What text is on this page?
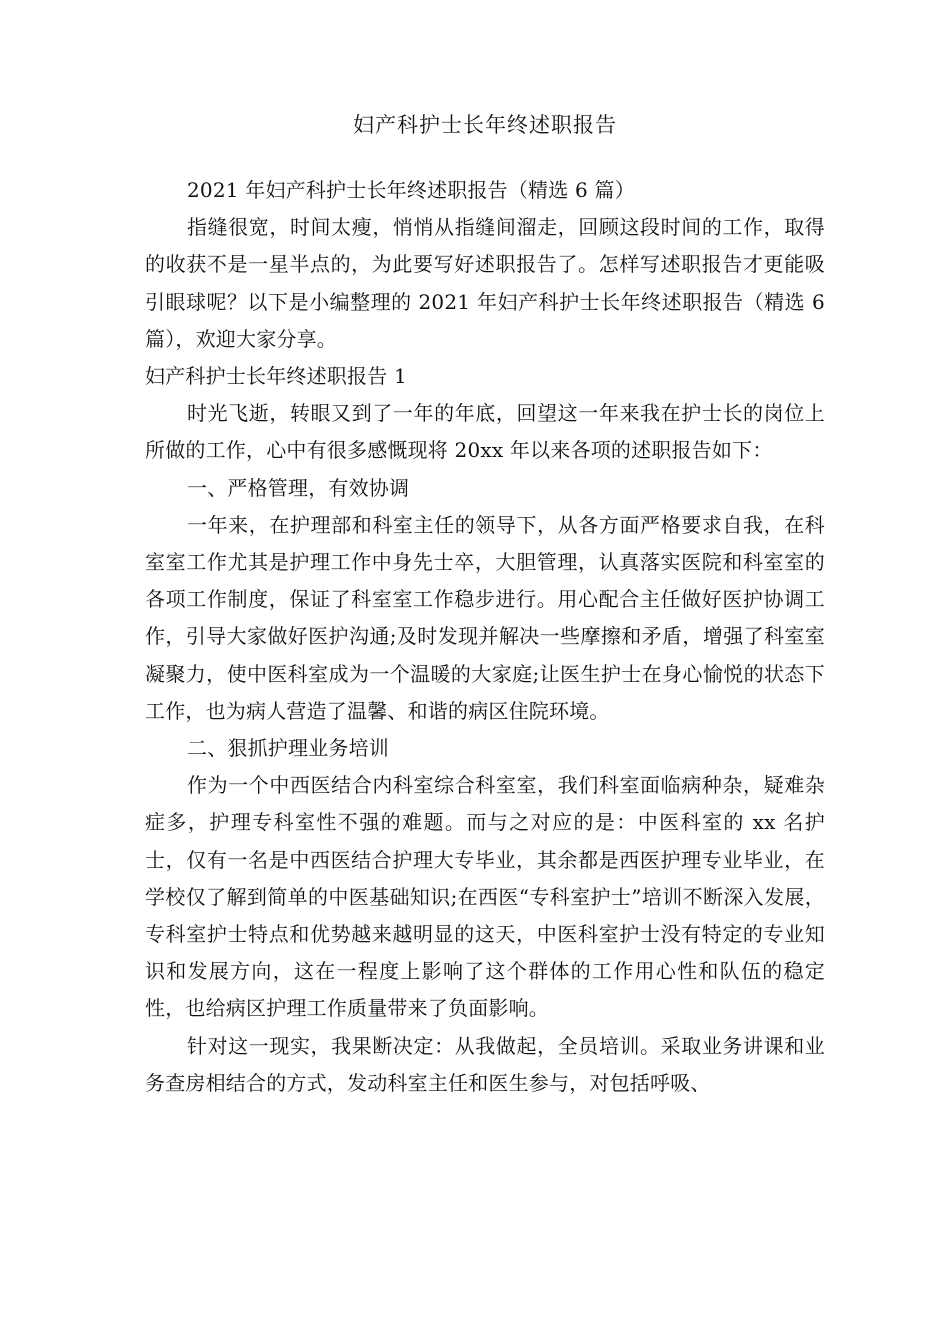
妇产科护士长年终述职报告

2021 年妇产科护士长年终述职报告（精选 6 篇）

指缝很宽，时间太瘦，悄悄从指缝间溜走，回顾这段时间的工作，取得的收获不是一星半点的，为此要写好述职报告了。怎样写述职报告才更能吸引眼球呢？以下是小编整理的 2021 年妇产科护士长年终述职报告（精选 6 篇），欢迎大家分享。

妇产科护士长年终述职报告 1

时光飞逝，转眼又到了一年的年底，回望这一年来我在护士长的岗位上所做的工作，心中有很多感慨现将 20xx 年以来各项的述职报告如下：

一、严格管理，有效协调

一年来，在护理部和科室主任的领导下，从各方面严格要求自我，在科室室工作尤其是护理工作中身先士卒，大胆管理，认真落实医院和科室室的各项工作制度，保证了科室室工作稳步进行。用心配合主任做好医护协调工作，引导大家做好医护沟通;及时发现并解决一些摩擦和矛盾，增强了科室室凝聚力，使中医科室成为一个温暖的大家庭;让医生护士在身心愉悦的状态下工作，也为病人营造了温馨、和谐的病区住院环境。

二、狠抓护理业务培训

作为一个中西医结合内科室综合科室室，我们科室面临病种杂，疑难杂症多，护理专科室性不强的难题。而与之对应的是：中医科室的 xx 名护士，仅有一名是中西医结合护理大专毕业，其余都是西医护理专业毕业，在学校仅了解到简单的中医基础知识;在西医“专科室护士”培训不断深入发展，专科室护士特点和优势越来越明显的这天，中医科室护士没有特定的专业知识和发展方向，这在一程度上影响了这个群体的工作用心性和队伍的稳定性，也给病区护理工作质量带来了负面影响。

针对这一现实，我果断决定：从我做起，全员培训。采取业务讲课和业务查房相结合的方式，发动科室主任和医生参与，对包括呼吸、
